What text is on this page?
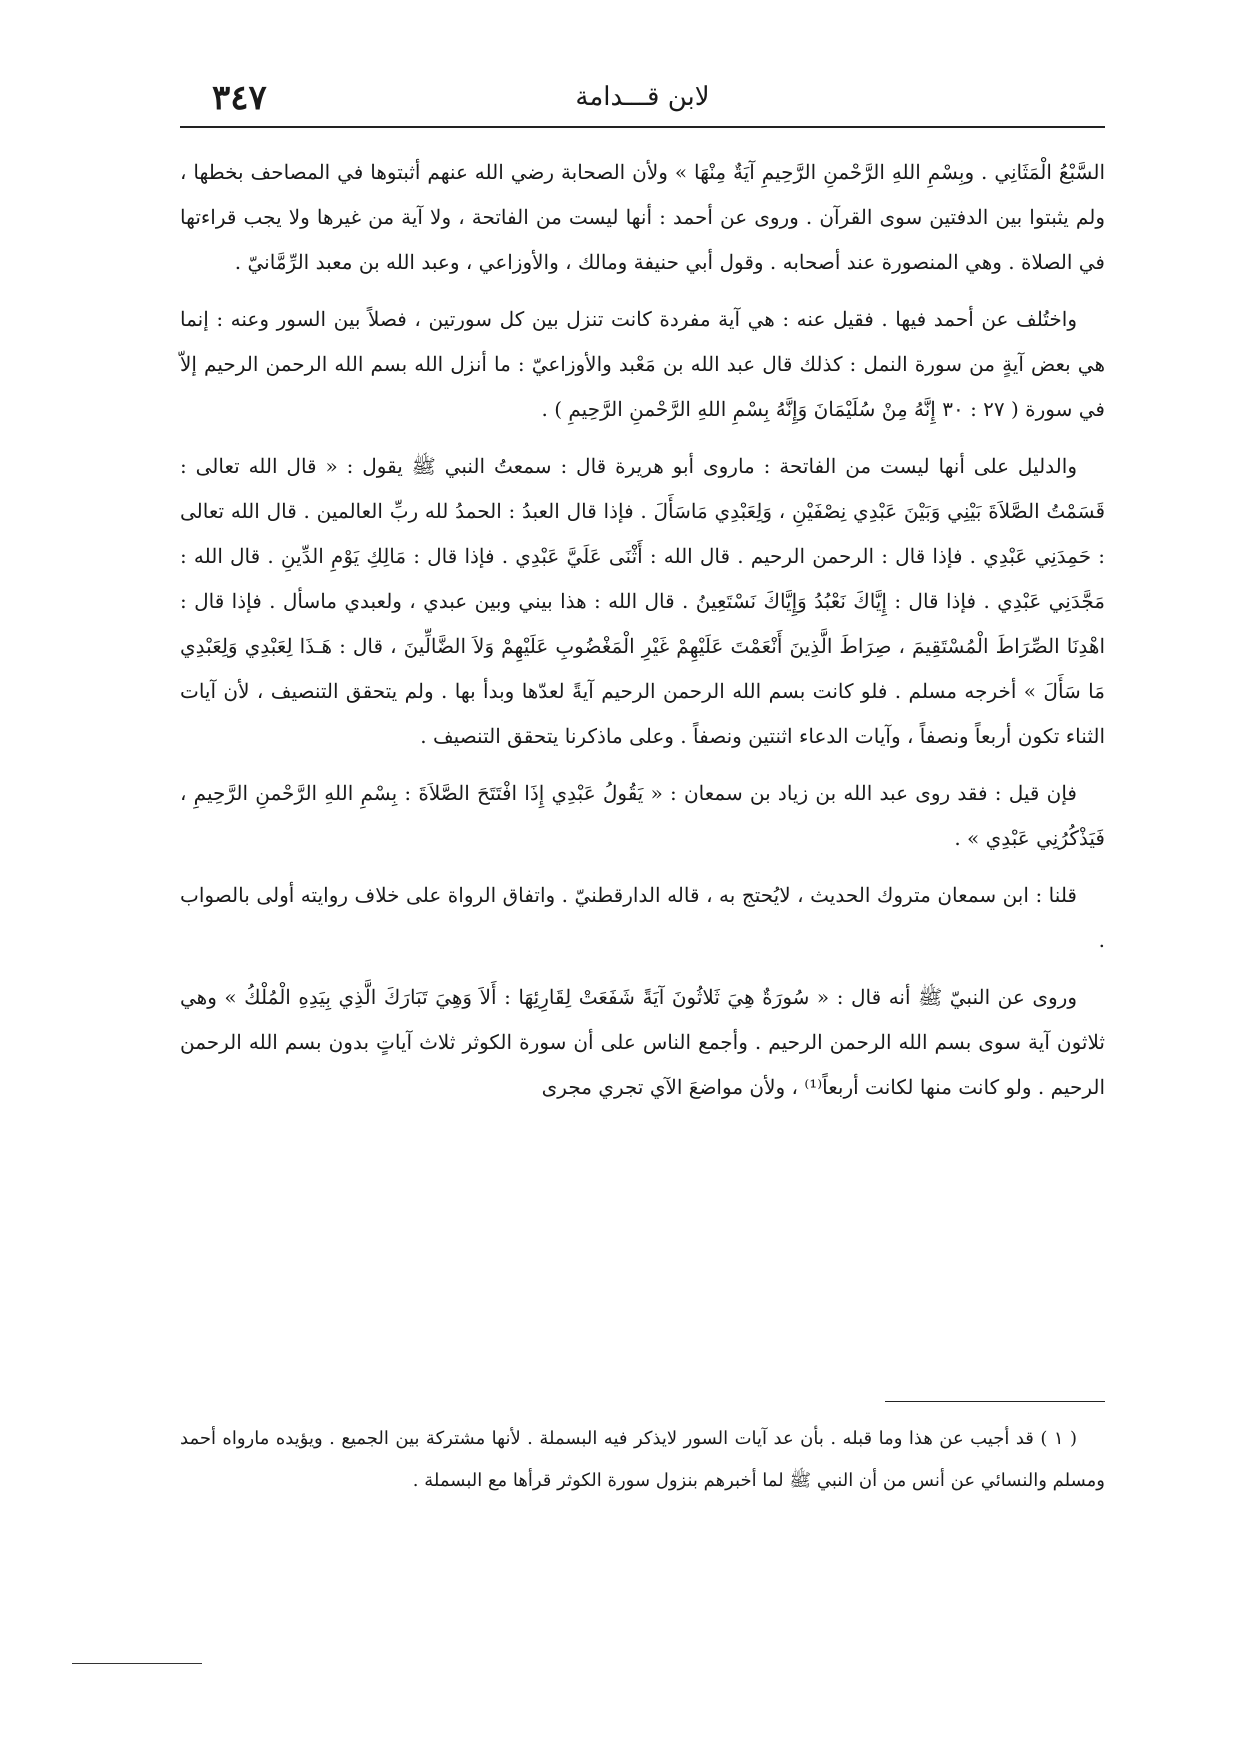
لابن قـــدامة
٣٤٧

السَّبْعُ الْمَثَانِي . وبِسْمِ اللهِ الرَّحْمنِ الرَّحِيمِ آيَةٌ مِنْهَا » ولأن الصحابة رضي الله عنهم أثبتوها في المصاحف بخطها ، ولم يثبتوا بين الدفتين سوى القرآن . وروى عن أحمد : أنها ليست من الفاتحة ، ولا آية من غيرها ولا يجب قراءتها في الصلاة . وهي المنصورة عند أصحابه . وقول أبي حنيفة ومالك ، والأوزاعي ، وعبد الله بن معبد الرِّمَّانيّ .

واختُلف عن أحمد فيها . فقيل عنه : هي آية مفردة كانت تنزل بين كل سورتين ، فصلاً بين السور وعنه : إنما هي بعض آيةٍ من سورة النمل : كذلك قال عبد الله بن مَعْبد والأوزاعيّ : ما أنزل الله بسم الله الرحمن الرحيم إلاّ في سورة ( ٢٧ : ٣٠ إِنَّهُ مِنْ سُلَيْمَانَ وَإِنَّهُ بِسْمِ اللهِ الرَّحْمنِ الرَّحِيمِ ) .

والدليل على أنها ليست من الفاتحة : ماروى أبو هريرة قال : سمعتُ النبي ﷺ يقول : « قال الله تعالى : قَسَمْتُ الصَّلاَةَ بَيْنِي وَبَيْنَ عَبْدِي نِصْفَيْنِ ، وَلِعَبْدِي مَاسَأَلَ . فإذا قال العبدُ : الحمدُ لله ربِّ العالمين . قال الله تعالى : حَمِدَنِي عَبْدِي . فإذا قال : الرحمن الرحيم . قال الله : أَثْنَى عَلَيَّ عَبْدِي . فإذا قال : مَالِكِ يَوْمِ الدِّينِ . قال الله : مَجَّدَنِي عَبْدِي . فإذا قال : إِيَّاكَ نَعْبُدُ وَإِيَّاكَ نَسْتَعِينُ . قال الله : هذا بيني وبين عبدي ، ولعبدي ماسأل . فإذا قال : اهْدِنَا الصِّرَاطَ الْمُسْتَقِيمَ ، صِرَاطَ الَّذِينَ أَنْعَمْتَ عَلَيْهِمْ غَيْرِ الْمَغْضُوبِ عَلَيْهِمْ وَلاَ الضَّالِّينَ ، قال : هَـذَا لِعَبْدِي وَلِعَبْدِي مَا سَأَلَ » أخرجه مسلم . فلو كانت بسم الله الرحمن الرحيم آيةً لعدّها وبدأ بها . ولم يتحقق التنصيف ، لأن آيات الثناء تكون أربعاً ونصفاً ، وآيات الدعاء اثنتين ونصفاً . وعلى ماذكرنا يتحقق التنصيف .

فإن قيل : فقد روى عبد الله بن زياد بن سمعان : « يَقُولُ عَبْدِي إِذَا افْتَتَحَ الصَّلاَةَ : بِسْمِ اللهِ الرَّحْمنِ الرَّحِيمِ ، فَيَذْكُرُنِي عَبْدِي » .

قلنا : ابن سمعان متروك الحديث ، لايُحتج به ، قاله الدارقطنيّ . واتفاق الرواة على خلاف روايته أولى بالصواب .

وروى عن النبيّ ﷺ أنه قال : « سُورَةٌ هِيَ ثَلاثُونَ آيَةً شَفَعَتْ لِقَارِئِهَا : أَلاَ وَهِيَ تَبَارَكَ الَّذِي بِيَدِهِ الْمُلْكُ » وهي ثلاثون آية سوى بسم الله الرحمن الرحيم . وأجمع الناس على أن سورة الكوثر ثلاث آياتٍ بدون بسم الله الرحمن الرحيم . ولو كانت منها لكانت أربعاً⁽¹⁾ ، ولأن مواضعَ الآي تجري مجرى

( ١ ) قد أجيب عن هذا وما قبله . بأن عد آيات السور لايذكر فيه البسملة . لأنها مشتركة بين الجميع . ويؤيده مارواه أحمد ومسلم والنسائي عن أنس من أن النبي ﷺ لما أخبرهم بنزول سورة الكوثر قرأها مع البسملة .
